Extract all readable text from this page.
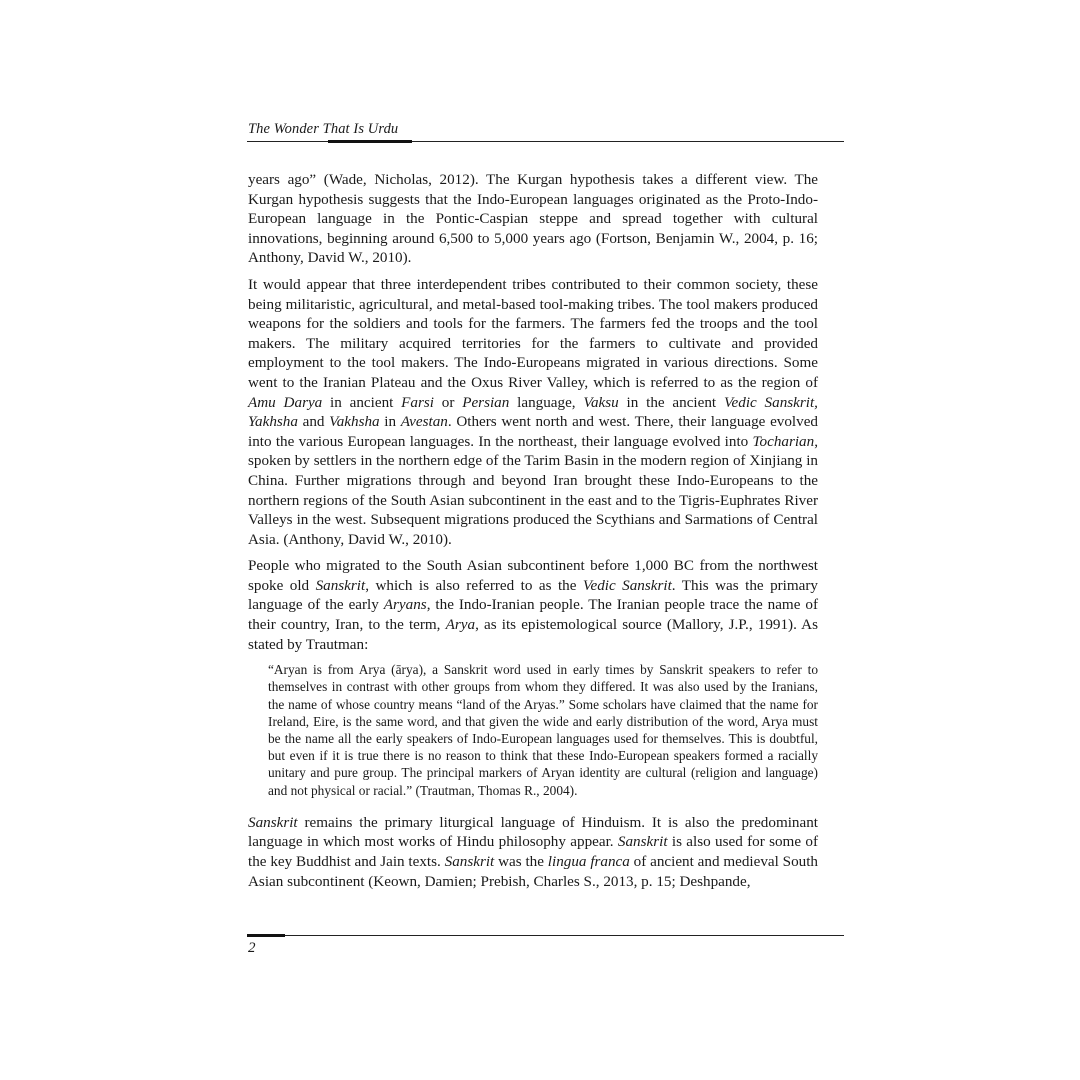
The Wonder That Is Urdu

years ago” (Wade, Nicholas, 2012). The Kurgan hypothesis takes a different view. The Kurgan hypothesis suggests that the Indo-European languages originated as the Proto-Indo-European language in the Pontic-Caspian steppe and spread together with cultural innovations, beginning around 6,500 to 5,000 years ago (Fortson, Benjamin W., 2004, p. 16; Anthony, David W., 2010).

It would appear that three interdependent tribes contributed to their common society, these being militaristic, agricultural, and metal-based tool-making tribes. The tool makers produced weapons for the soldiers and tools for the farmers. The farmers fed the troops and the tool makers. The military acquired territories for the farmers to cultivate and provided employment to the tool makers. The Indo-Europeans migrated in various directions. Some went to the Iranian Plateau and the Oxus River Valley, which is referred to as the region of Amu Darya in ancient Farsi or Persian language, Vaksu in the ancient Vedic Sanskrit, Yakhsha and Vakhsha in Avestan. Others went north and west. There, their language evolved into the various European languages. In the northeast, their language evolved into Tocharian, spoken by settlers in the northern edge of the Tarim Basin in the modern region of Xinjiang in China. Further migrations through and beyond Iran brought these Indo-Europeans to the northern regions of the South Asian subcontinent in the east and to the Tigris-Euphrates River Valleys in the west. Subsequent migrations produced the Scythians and Sarmations of Central Asia. (Anthony, David W., 2010).

People who migrated to the South Asian subcontinent before 1,000 BC from the northwest spoke old Sanskrit, which is also referred to as the Vedic Sanskrit. This was the primary language of the early Aryans, the Indo-Iranian people. The Iranian people trace the name of their country, Iran, to the term, Arya, as its epistemological source (Mallory, J.P., 1991). As stated by Trautman:

“Aryan is from Arya (ārya), a Sanskrit word used in early times by Sanskrit speakers to refer to themselves in contrast with other groups from whom they differed. It was also used by the Iranians, the name of whose country means “land of the Aryas.” Some scholars have claimed that the name for Ireland, Eire, is the same word, and that given the wide and early distribution of the word, Arya must be the name all the early speakers of Indo-European languages used for themselves. This is doubtful, but even if it is true there is no reason to think that these Indo-European speakers formed a racially unitary and pure group. The principal markers of Aryan identity are cultural (religion and language) and not physical or racial.” (Trautman, Thomas R., 2004).

Sanskrit remains the primary liturgical language of Hinduism. It is also the predominant language in which most works of Hindu philosophy appear. Sanskrit is also used for some of the key Buddhist and Jain texts. Sanskrit was the lingua franca of ancient and medieval South Asian subcontinent (Keown, Damien; Prebish, Charles S., 2013, p. 15; Deshpande,

2
